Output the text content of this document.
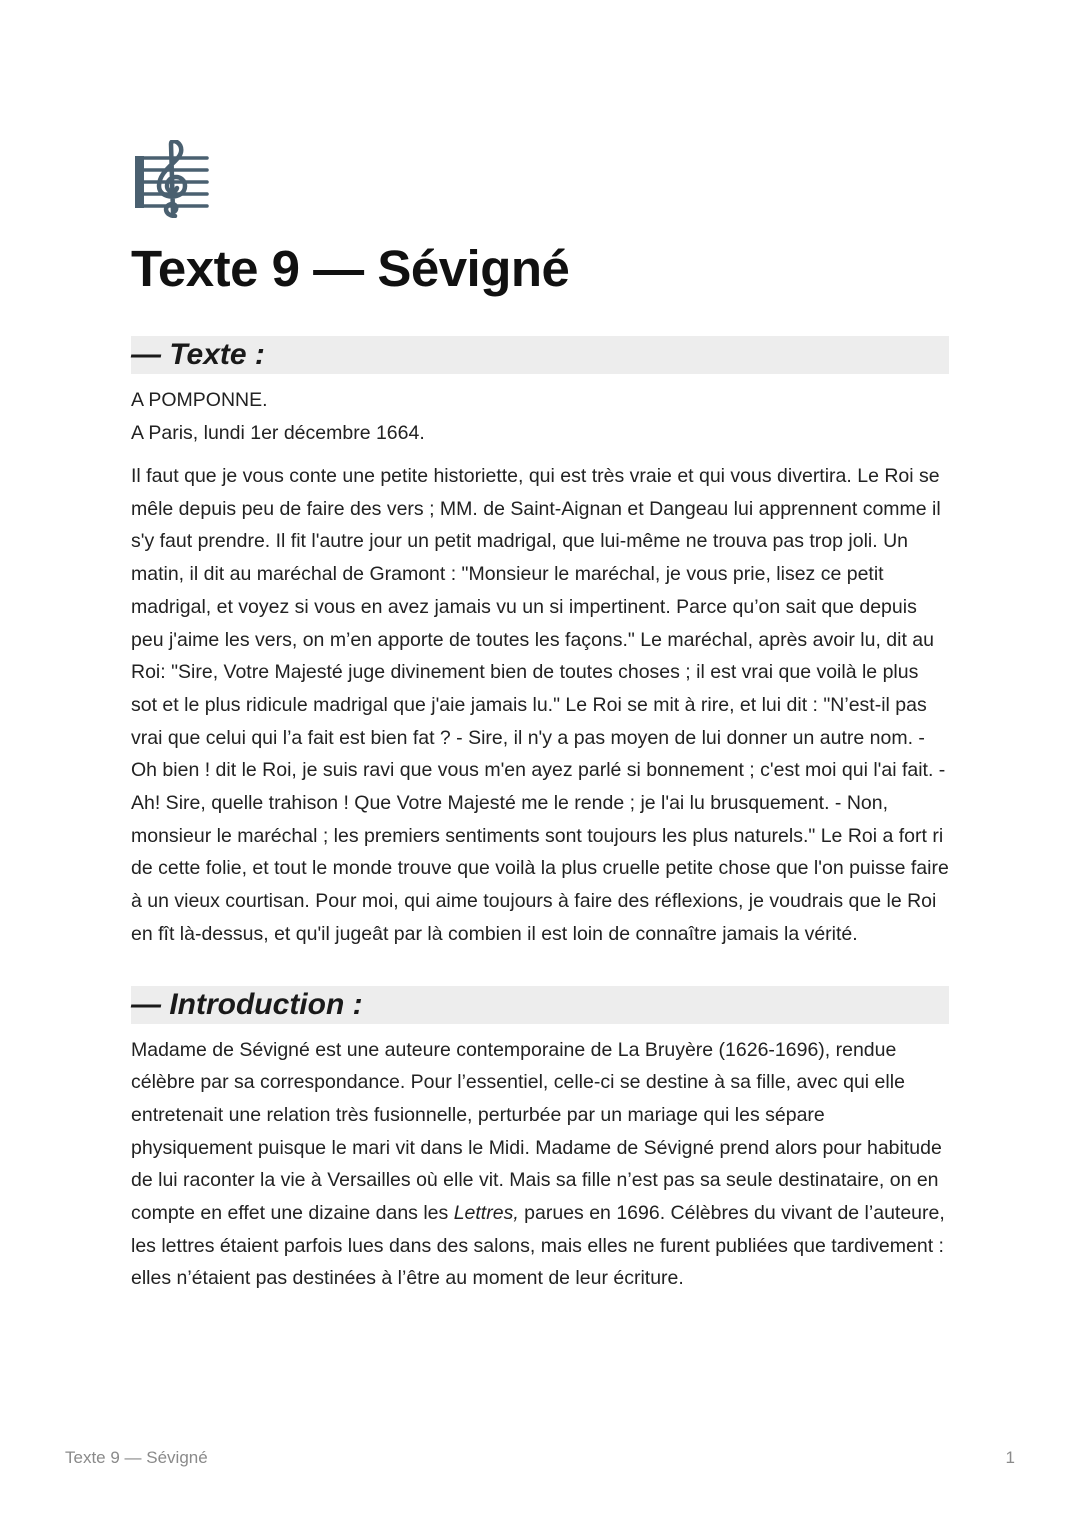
Texte 9 — Sévigné
— Texte :

A POMPONNE.

A Paris, lundi 1er décembre 1664.

Il faut que je vous conte une petite historiette, qui est très vraie et qui vous divertira. Le Roi se mêle depuis peu de faire des vers ; MM. de Saint-Aignan et Dangeau lui apprennent comme il s'y faut prendre. Il fit l'autre jour un petit madrigal, que lui-même ne trouva pas trop joli. Un matin, il dit au maréchal de Gramont : "Monsieur le maréchal, je vous prie, lisez ce petit madrigal, et voyez si vous en avez jamais vu un si impertinent. Parce qu’on sait que depuis peu j'aime les vers, on m’en apporte de toutes les façons." Le maréchal, après avoir lu, dit au Roi: "Sire, Votre Majesté juge divinement bien de toutes choses ; il est vrai que voilà le plus sot et le plus ridicule madrigal que j'aie jamais lu." Le Roi se mit à rire, et lui dit : "N’est-il pas vrai que celui qui l’a fait est bien fat ? - Sire, il n'y a pas moyen de lui donner un autre nom. - Oh bien ! dit le Roi, je suis ravi que vous m'en ayez parlé si bonnement ; c'est moi qui l'ai fait. - Ah! Sire, quelle trahison ! Que Votre Majesté me le rende ; je l'ai lu brusquement. - Non, monsieur le maréchal ; les premiers sentiments sont toujours les plus naturels." Le Roi a fort ri de cette folie, et tout le monde trouve que voilà la plus cruelle petite chose que l'on puisse faire à un vieux courtisan. Pour moi, qui aime toujours à faire des réflexions, je voudrais que le Roi en fît là-dessus, et qu'il jugeât par là combien il est loin de connaître jamais la vérité.

— Introduction :

Madame de Sévigné est une auteure contemporaine de La Bruyère (1626-1696), rendue célèbre par sa correspondance. Pour l’essentiel, celle-ci se destine à sa fille, avec qui elle entretenait une relation très fusionnelle, perturbée par un mariage qui les sépare physiquement puisque le mari vit dans le Midi. Madame de Sévigné prend alors pour habitude de lui raconter la vie à Versailles où elle vit. Mais sa fille n’est pas sa seule destinataire, on en compte en effet une dizaine dans les Lettres, parues en 1696. Célèbres du vivant de l’auteure, les lettres étaient parfois lues dans des salons, mais elles ne furent publiées que tardivement : elles n’étaient pas destinées à l’être au moment de leur écriture.

Texte 9 — Sévigné	1
